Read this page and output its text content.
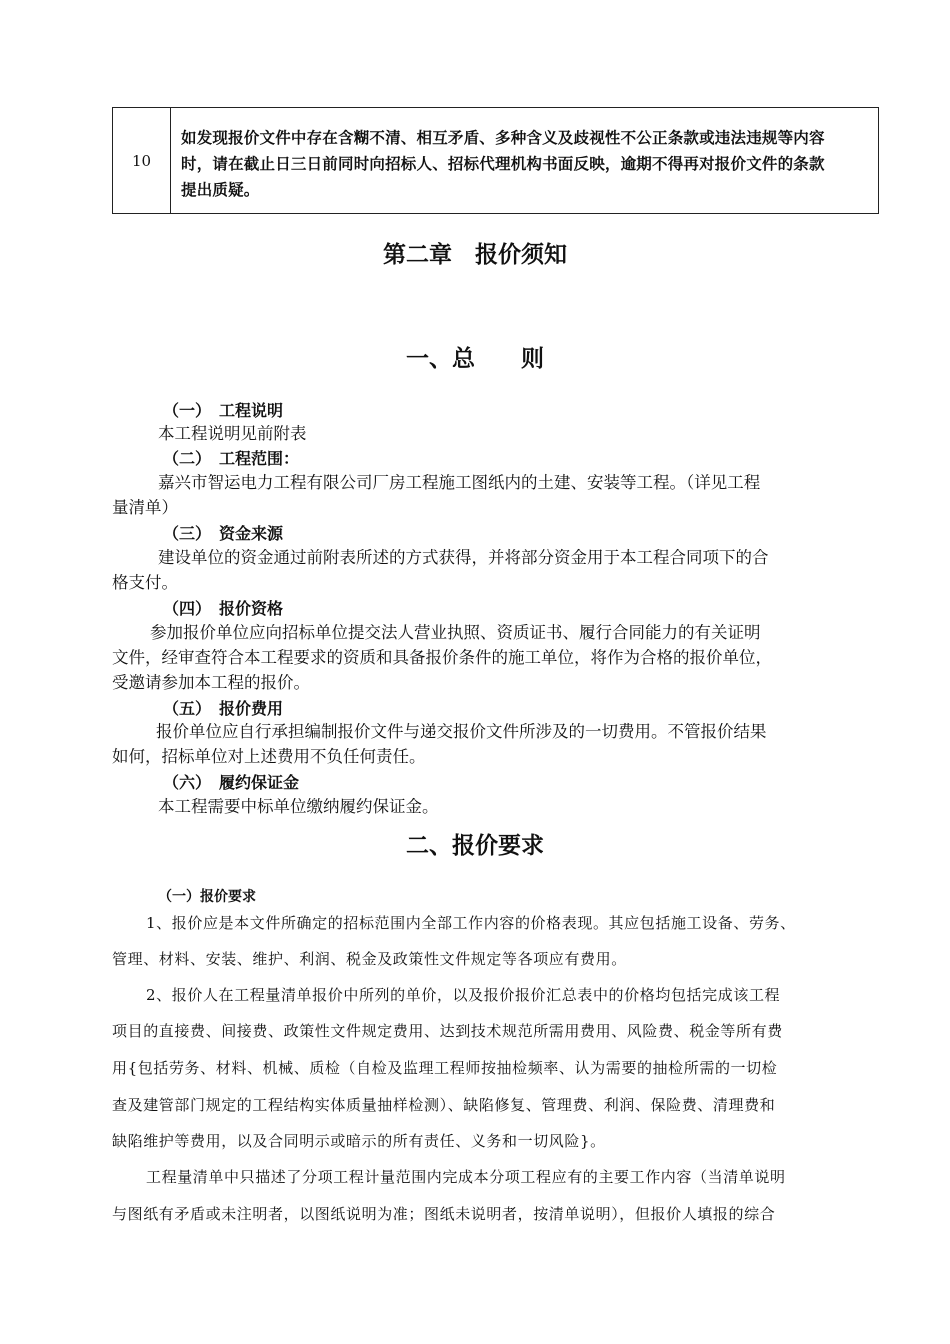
10
如发现报价文件中存在含糊不清、相互矛盾、多种含义及歧视性不公正条款或违法违规等内容
时，请在截止日三日前同时向招标人、招标代理机构书面反映，逾期不得再对报价文件的条款
提出质疑。
第二章　报价须知
一、总 则
（一）　工程说明
本工程说明见前附表
（二）　工程范围：
嘉兴市智运电力工程有限公司厂房工程施工图纸内的土建、安装等工程。（详见工程
量清单）
（三）　资金来源
建设单位的资金通过前附表所述的方式获得，并将部分资金用于本工程合同项下的合
格支付。
（四）　报价资格
参加报价单位应向招标单位提交法人营业执照、资质证书、履行合同能力的有关证明
文件，经审查符合本工程要求的资质和具备报价条件的施工单位，将作为合格的报价单位，
受邀请参加本工程的报价。
（五）　报价费用
报价单位应自行承担编制报价文件与递交报价文件所涉及的一切费用。不管报价结果
如何，招标单位对上述费用不负任何责任。
（六）　履约保证金
本工程需要中标单位缴纳履约保证金。
二、报价要求
（一）报价要求
1、报价应是本文件所确定的招标范围内全部工作内容的价格表现。其应包括施工设备、劳务、
管理、材料、安装、维护、利润、税金及政策性文件规定等各项应有费用。
2、报价人在工程量清单报价中所列的单价，以及报价报价汇总表中的价格均包括完成该工程
项目的直接费、间接费、政策性文件规定费用、达到技术规范所需用费用、风险费、税金等所有费
用{包括劳务、材料、机械、质检（自检及监理工程师按抽检频率、认为需要的抽检所需的一切检
查及建管部门规定的工程结构实体质量抽样检测）、缺陷修复、管理费、利润、保险费、清理费和
缺陷维护等费用，以及合同明示或暗示的所有责任、义务和一切风险}。
工程量清单中只描述了分项工程计量范围内完成本分项工程应有的主要工作内容（当清单说明
与图纸有矛盾或未注明者，以图纸说明为准；图纸未说明者，按清单说明），但报价人填报的综合
